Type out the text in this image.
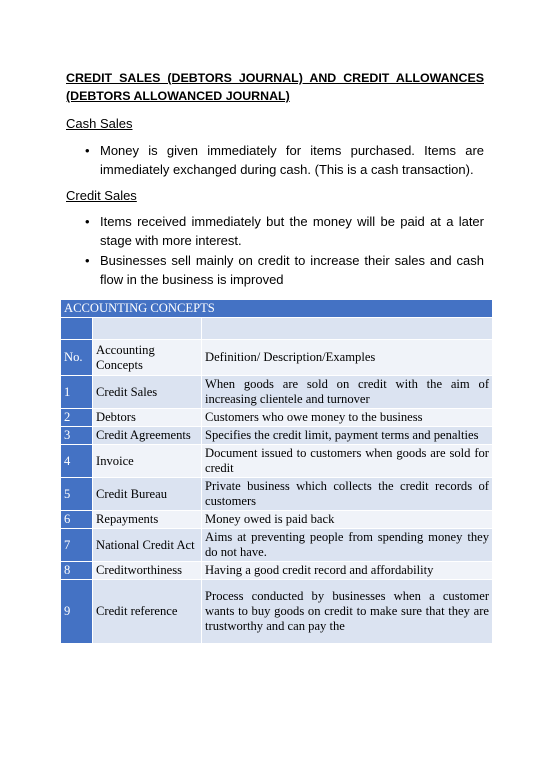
CREDIT SALES (DEBTORS JOURNAL) AND CREDIT ALLOWANCES (DEBTORS ALLOWANCED JOURNAL)
Cash Sales
• Money is given immediately for items purchased. Items are immediately exchanged during cash. (This is a cash transaction).
Credit Sales
• Items received immediately but the money will be paid at a later stage with more interest.
• Businesses sell mainly on credit to increase their sales and cash flow in the business is improved
ACCOUNTING CONCEPTS		

No.	Accounting Concepts	Definition/ Description/Examples
1	Credit Sales	When goods are sold on credit with the aim of increasing clientele and turnover
2	Debtors	Customers who owe money to the business
3	Credit Agreements	Specifies the credit limit, payment terms and penalties
4	Invoice	Document issued to customers when goods are sold for credit
5	Credit Bureau	Private business which collects the credit records of customers
6	Repayments	Money owed is paid back
7	National Credit Act	Aims at preventing people from spending money they do not have.
8	Creditworthiness	Having a good credit record and affordability
9	Credit reference	Process conducted by businesses when a customer wants to buy goods on credit to make sure that they are trustworthy and can pay the
